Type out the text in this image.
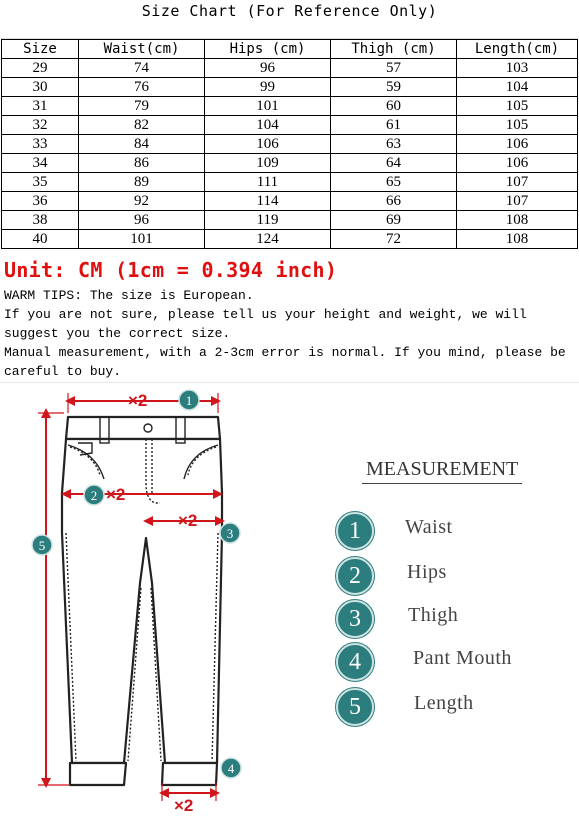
Size Chart (For Reference Only)
Size	Waist(cm)	Hips (cm)	Thigh (cm)	Length(cm)
29	74	96	57	103
30	76	99	59	104
31	79	101	60	105
32	82	104	61	105
33	84	106	63	106
34	86	109	64	106
35	89	111	65	107
36	92	114	66	107
38	96	119	69	108
40	101	124	72	108
Unit: CM (1cm = 0.394 inch)

WARM TIPS: The size is European.

If you are not sure, please tell us your height and weight, we will suggest you the correct size.

Manual measurement, with a 2-3cm error is normal. If you mind, please be careful to buy.

×2
×2
×2
×2
1
2
3
4
5
MEASUREMENT
1	Waist
2	Hips
3	Thigh
4	Pant Mouth
5	Length
